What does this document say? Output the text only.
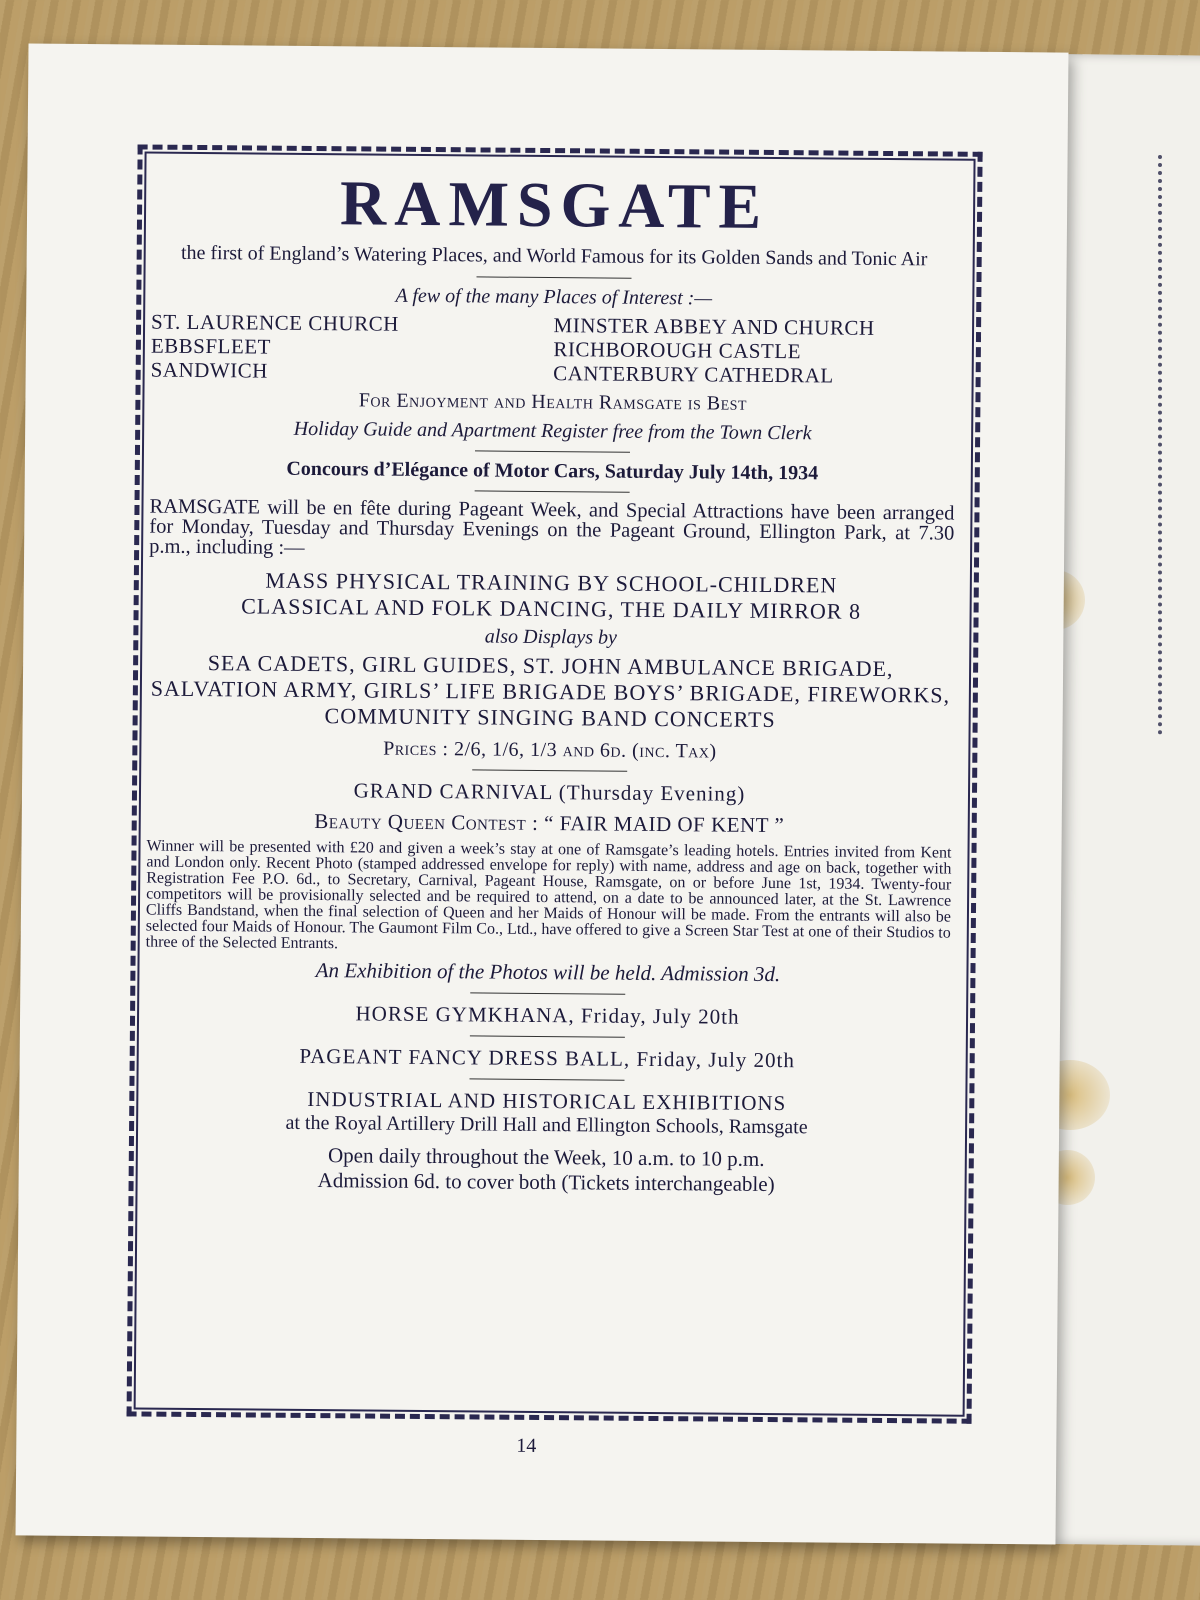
RAMSGATE
the first of England’s Watering Places, and World Famous for its Golden Sands and Tonic Air
A few of the many Places of Interest :—
ST. LAURENCE CHURCH
EBBSFLEET
SANDWICH
MINSTER ABBEY AND CHURCH
RICHBOROUGH CASTLE
CANTERBURY CATHEDRAL
For Enjoyment and Health Ramsgate is Best
Holiday Guide and Apartment Register free from the Town Clerk
Concours d’Elégance of Motor Cars, Saturday July 14th, 1934
RAMSGATE will be en fête during Pageant Week, and Special Attractions have been arranged for Monday, Tuesday and Thursday Evenings on the Pageant Ground, Ellington Park, at 7.30 p.m., including :—
MASS PHYSICAL TRAINING BY SCHOOL-CHILDREN
CLASSICAL AND FOLK DANCING, THE DAILY MIRROR 8
also Displays by
SEA CADETS, GIRL GUIDES, ST. JOHN AMBULANCE BRIGADE, SALVATION ARMY, GIRLS’ LIFE BRIGADE BOYS’ BRIGADE, FIREWORKS, COMMUNITY SINGING BAND CONCERTS
Prices : 2/6, 1/6, 1/3 and 6d. (inc. Tax)
GRAND CARNIVAL (Thursday Evening)
Beauty Queen Contest : “ FAIR MAID OF KENT ”
Winner will be presented with £20 and given a week’s stay at one of Ramsgate’s leading hotels. Entries invited from Kent and London only. Recent Photo (stamped addressed envelope for reply) with name, address and age on back, together with Registration Fee P.O. 6d., to Secretary, Carnival, Pageant House, Ramsgate, on or before June 1st, 1934. Twenty-four competitors will be provisionally selected and be required to attend, on a date to be announced later, at the St. Lawrence Cliffs Bandstand, when the final selection of Queen and her Maids of Honour will be made. From the entrants will also be selected four Maids of Honour. The Gaumont Film Co., Ltd., have offered to give a Screen Star Test at one of their Studios to three of the Selected Entrants.
An Exhibition of the Photos will be held. Admission 3d.
HORSE GYMKHANA, Friday, July 20th
PAGEANT FANCY DRESS BALL, Friday, July 20th
INDUSTRIAL AND HISTORICAL EXHIBITIONS
at the Royal Artillery Drill Hall and Ellington Schools, Ramsgate
Open daily throughout the Week, 10 a.m. to 10 p.m.
Admission 6d. to cover both (Tickets interchangeable)
14
